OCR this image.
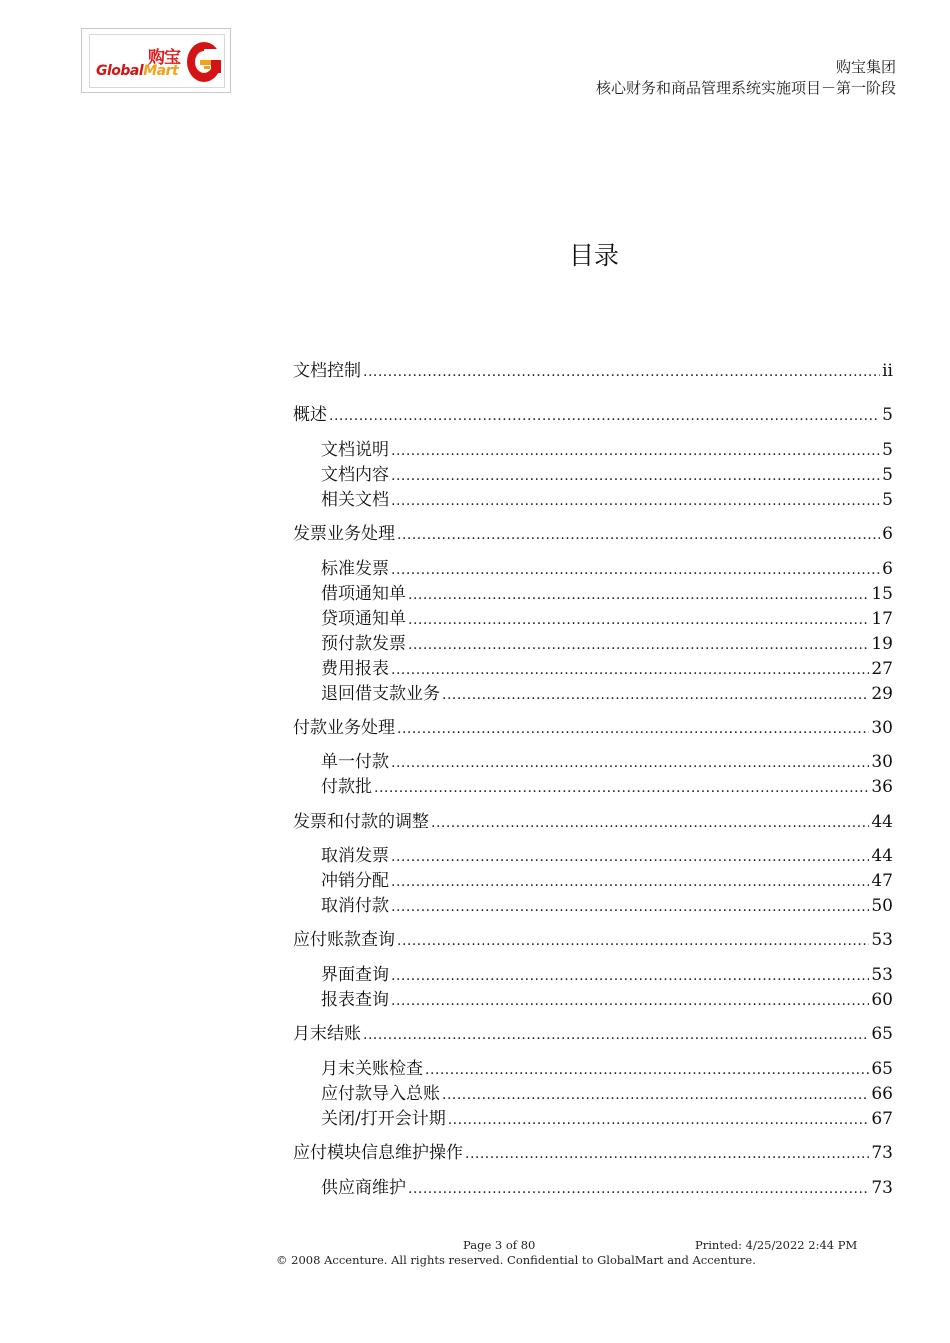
购宝
GlobalMart	购宝集团
核心财务和商品管理系统实施项目－第一阶段
目录
文档控制 .....	ii
概述 .....	5
文档说明 .....	5
文档内容 .....	5
相关文档 .....	5
发票业务处理 .....	6
标准发票 .....	6
借项通知单 .....	15
贷项通知单 .....	17
预付款发票 .....	19
费用报表 .....	27
退回借支款业务 .....	29
付款业务处理 .....	30
单一付款 .....	30
付款批 .....	36
发票和付款的调整 .....	44
取消发票 .....	44
冲销分配 .....	47
取消付款 .....	50
应付账款查询 .....	53
界面查询 .....	53
报表查询 .....	60
月末结账 .....	65
月末关账检查 .....	65
应付款导入总账 .....	66
关闭/打开会计期 .....	67
应付模块信息维护操作 .....	73
供应商维护 .....	73
Page 3 of 80	Printed: 4/25/2022 2:44 PM
© 2008 Accenture. All rights reserved. Confidential to GlobalMart and Accenture.
